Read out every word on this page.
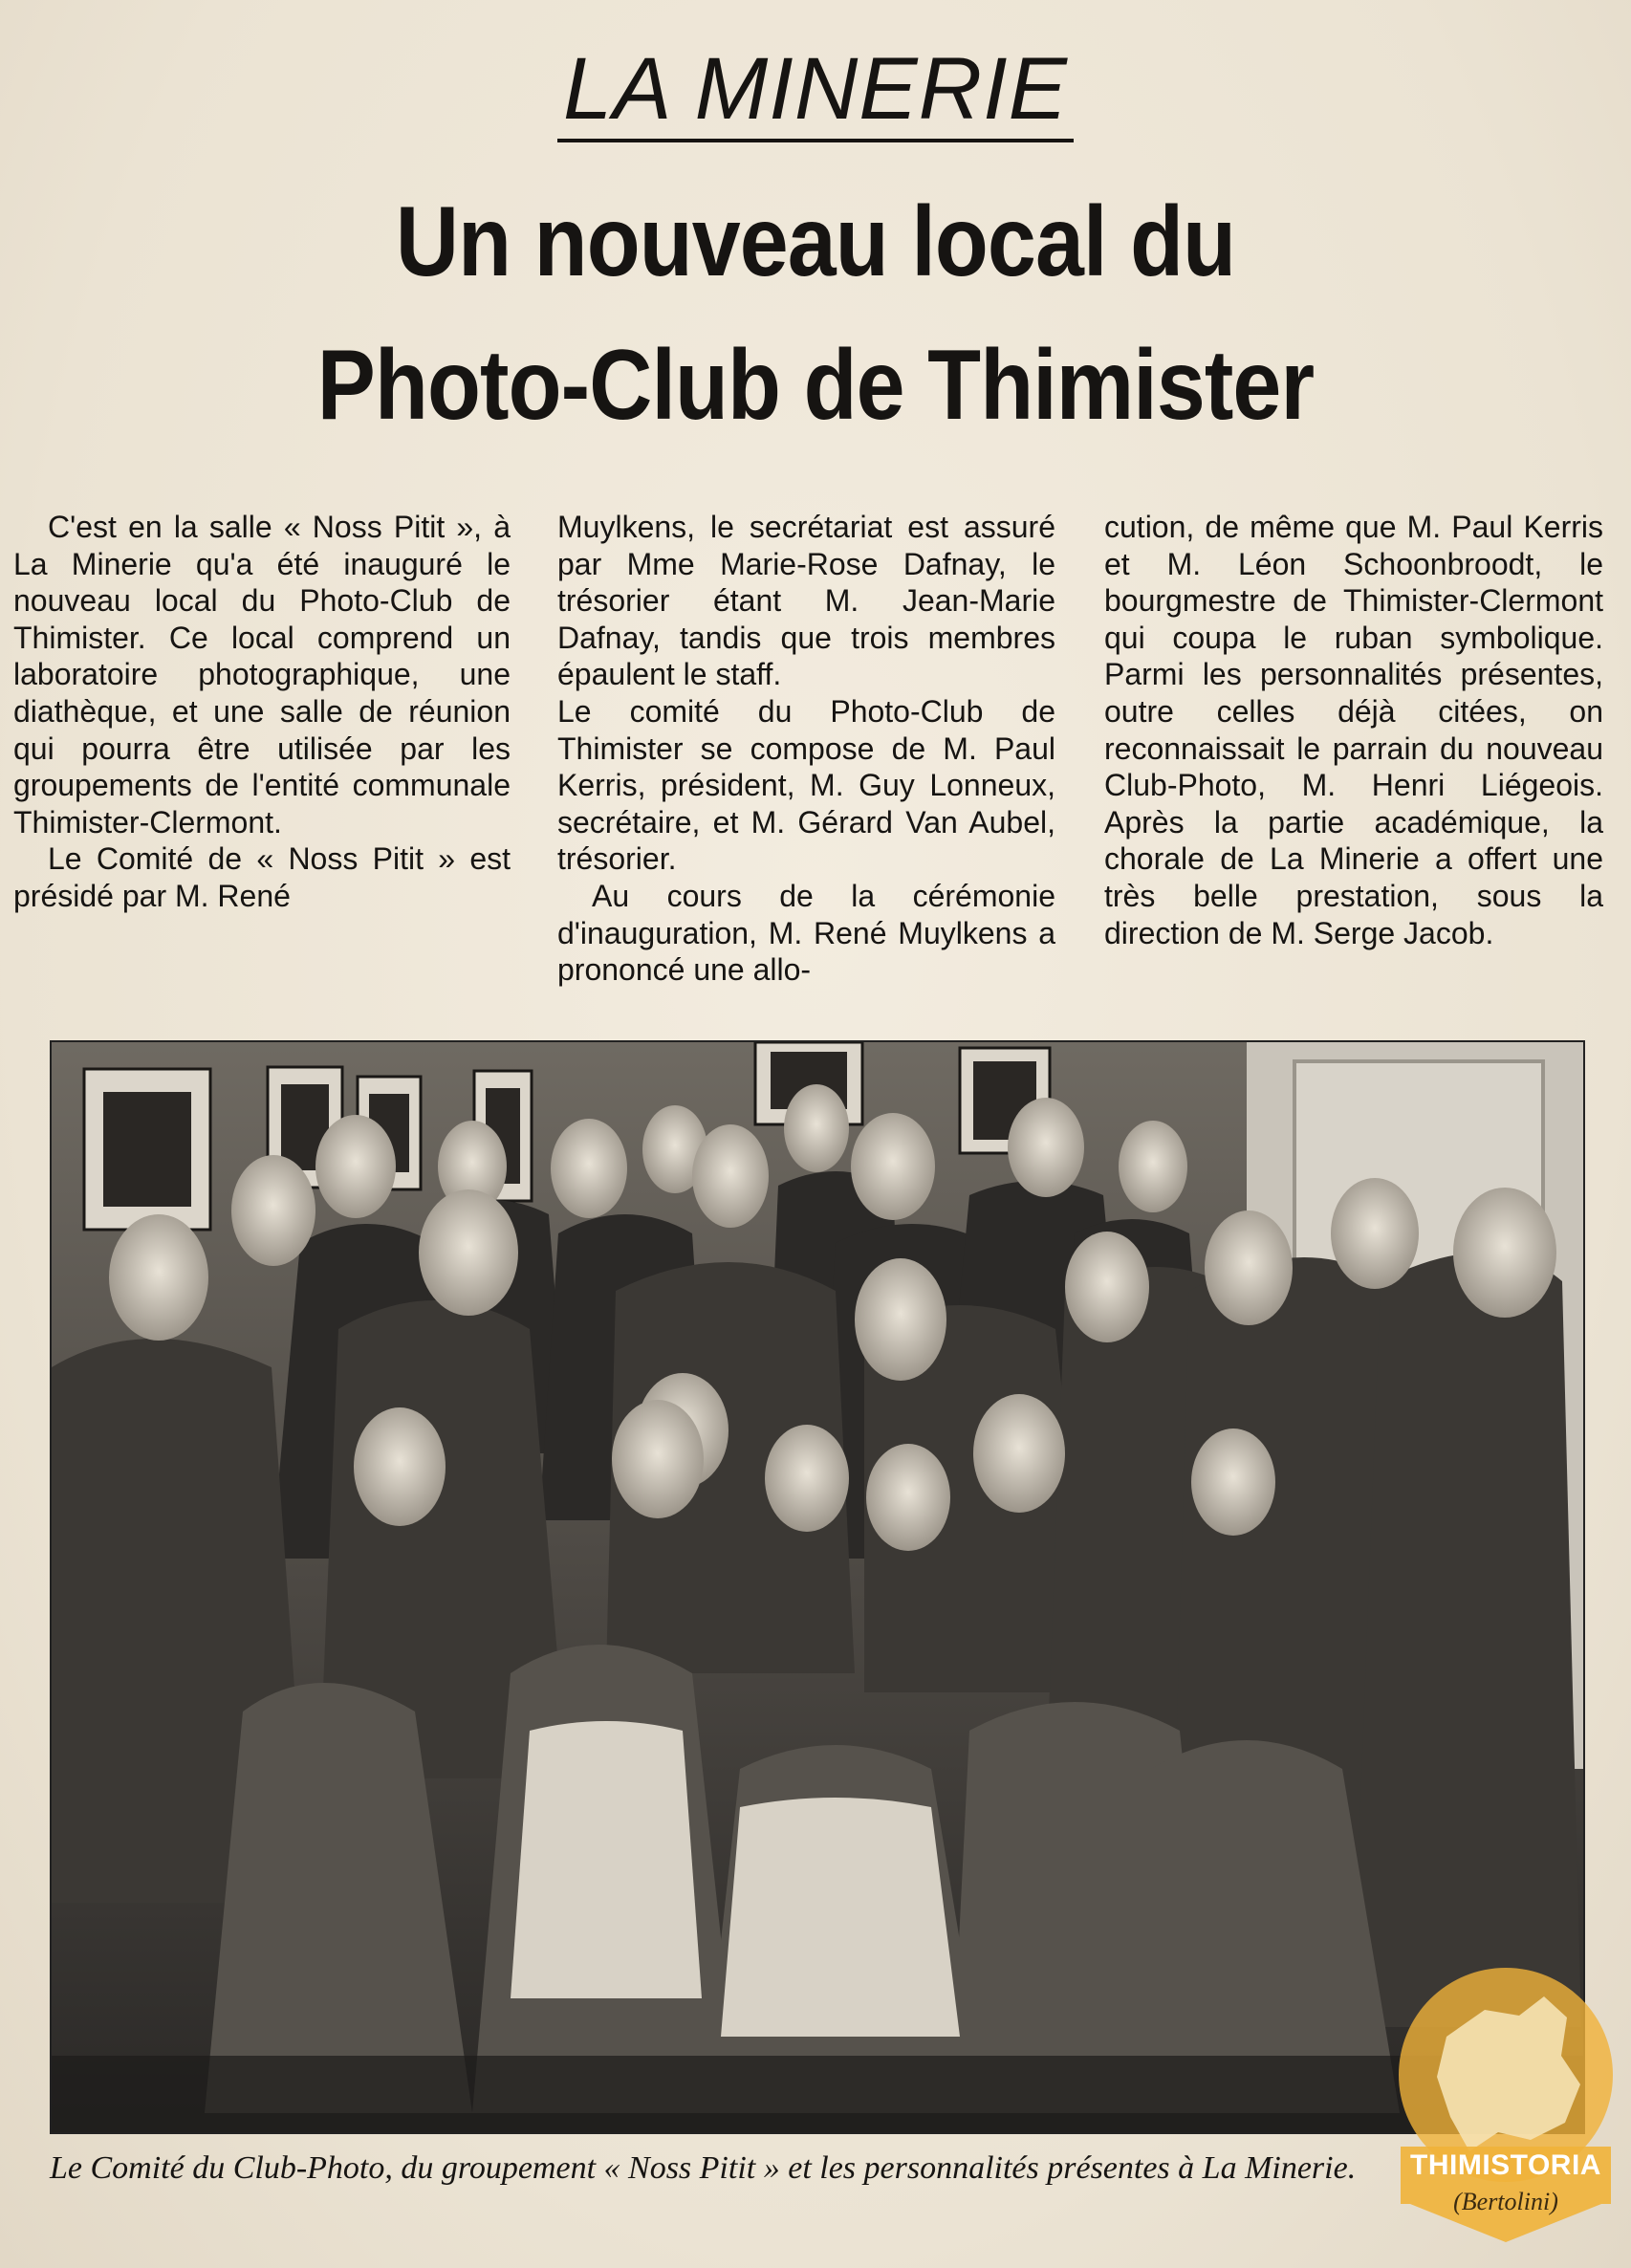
LA MINERIE
Un nouveau local du
Photo-Club de Thimister

C'est en la salle « Noss Pitit », à La Minerie qu'a été inauguré le nouveau local du Photo-Club de Thimister. Ce local comprend un laboratoire photographique, une diathèque, et une salle de réunion qui pourra être utilisée par les groupements de l'entité communale Thimister-Clermont.

Le Comité de « Noss Pitit » est présidé par M. René

Muylkens, le secrétariat est assuré par Mme Marie-Rose Dafnay, le trésorier étant M. Jean-Marie Dafnay, tandis que trois membres épaulent le staff.

Le comité du Photo-Club de Thimister se compose de M. Paul Kerris, président, M. Guy Lonneux, secrétaire, et M. Gérard Van Aubel, trésorier.

Au cours de la cérémonie d'inauguration, M. René Muylkens a prononcé une allo-

cution, de même que M. Paul Kerris et M. Léon Schoonbroodt, le bourgmestre de Thimister-Clermont qui coupa le ruban symbolique. Parmi les personnalités présentes, outre celles déjà citées, on reconnaissait le parrain du nouveau Club-Photo, M. Henri Liégeois. Après la partie académique, la chorale de La Minerie a offert une très belle prestation, sous la direction de M. Serge Jacob.

Le Comité du Club-Photo, du groupement « Noss Pitit » et les personnalités présentes à La Minerie.	THIMISTORIA
(Bertolini)
